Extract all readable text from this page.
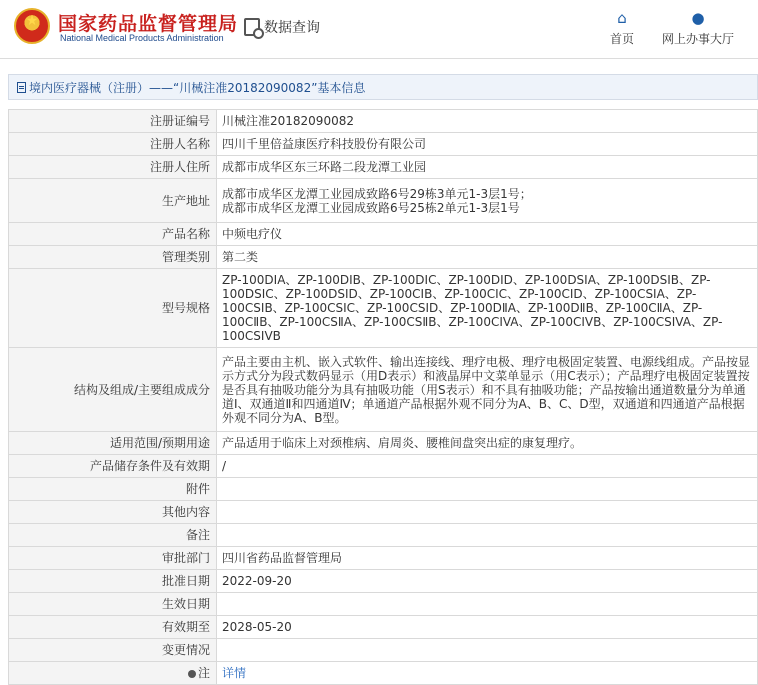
★	国家药品监督管理局
National Medical Products Administration
数据查询
⌂
首页
●
网上办事大厅
境内医疗器械（注册）——“川械注准20182090082”基本信息
注册证编号	川械注准20182090082
注册人名称	四川千里倍益康医疗科技股份有限公司
注册人住所	成都市成华区东三环路二段龙潭工业园
生产地址	成都市成华区龙潭工业园成致路6号29栋3单元1-3层1号；
成都市成华区龙潭工业园成致路6号25栋2单元1-3层1号
产品名称	中频电疗仪
管理类别	第二类
型号规格	ZP-100DⅠA、ZP-100DⅠB、ZP-100DⅠC、ZP-100DⅠD、ZP-100DSⅠA、ZP-100DSⅠB、ZP-100DSⅠC、ZP-100DSⅠD、ZP-100CⅠB、ZP-100CⅠC、ZP-100CⅠD、ZP-100CSⅠA、ZP-100CSⅠB、ZP-100CSⅠC、ZP-100CSⅠD、ZP-100DⅡA、ZP-100DⅡB、ZP-100CⅡA、ZP-100CⅡB、ZP-100CSⅡA、ZP-100CSⅡB、ZP-100CIVA、ZP-100CIVB、ZP-100CSIVA、ZP-100CSIVB
结构及组成/主要组成成分	产品主要由主机、嵌入式软件、输出连接线、理疗电极、理疗电极固定装置、电源线组成。产品按显示方式分为段式数码显示（用D表示）和液晶屏中文菜单显示（用C表示）；产品理疗电极固定装置按是否具有抽吸功能分为具有抽吸功能（用S表示）和不具有抽吸功能；产品按输出通道数量分为单通道Ⅰ、双通道Ⅱ和四通道Ⅳ；单通道产品根据外观不同分为A、B、C、D型，双通道和四通道产品根据外观不同分为A、B型。
适用范围/预期用途	产品适用于临床上对颈椎病、肩周炎、腰椎间盘突出症的康复理疗。
产品储存条件及有效期	/
附件	
其他内容	
备注	
审批部门	四川省药品监督管理局
批准日期	2022-09-20
生效日期	
有效期至	2028-05-20
变更情况	
注	详情
